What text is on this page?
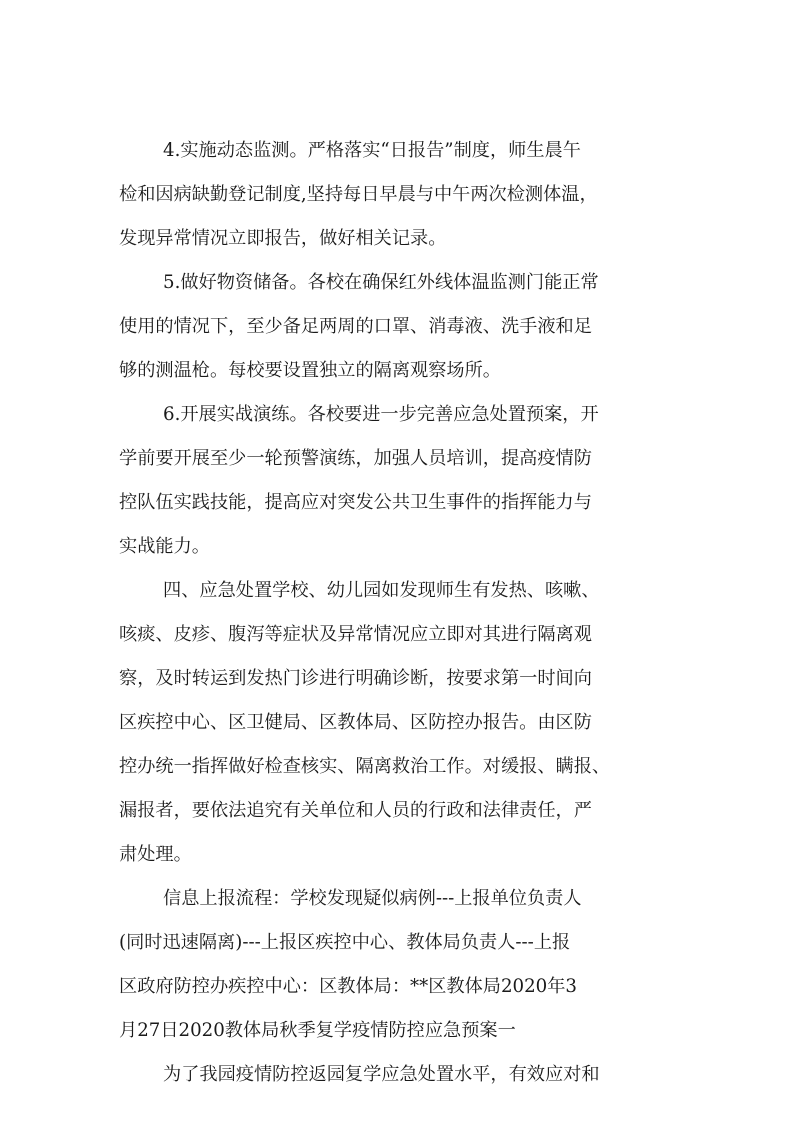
4.实施动态监测。严格落实“日报告”制度，师生晨午
检和因病缺勤登记制度,坚持每日早晨与中午两次检测体温，
发现异常情况立即报告，做好相关记录。
5.做好物资储备。各校在确保红外线体温监测门能正常
使用的情况下，至少备足两周的口罩、消毒液、洗手液和足
够的测温枪。每校要设置独立的隔离观察场所。
6.开展实战演练。各校要进一步完善应急处置预案，开
学前要开展至少一轮预警演练，加强人员培训，提高疫情防
控队伍实践技能，提高应对突发公共卫生事件的指挥能力与
实战能力。
四、应急处置学校、幼儿园如发现师生有发热、咳嗽、
咳痰、皮疹、腹泻等症状及异常情况应立即对其进行隔离观
察，及时转运到发热门诊进行明确诊断，按要求第一时间向
区疾控中心、区卫健局、区教体局、区防控办报告。由区防
控办统一指挥做好检查核实、隔离救治工作。对缓报、瞒报、
漏报者，要依法追究有关单位和人员的行政和法律责任，严
肃处理。
信息上报流程：学校发现疑似病例---上报单位负责人
(同时迅速隔离)---上报区疾控中心、教体局负责人---上报
区政府防控办疾控中心：区教体局：**区教体局2020年3
月27日2020教体局秋季复学疫情防控应急预案一
为了我园疫情防控返园复学应急处置水平，有效应对和
